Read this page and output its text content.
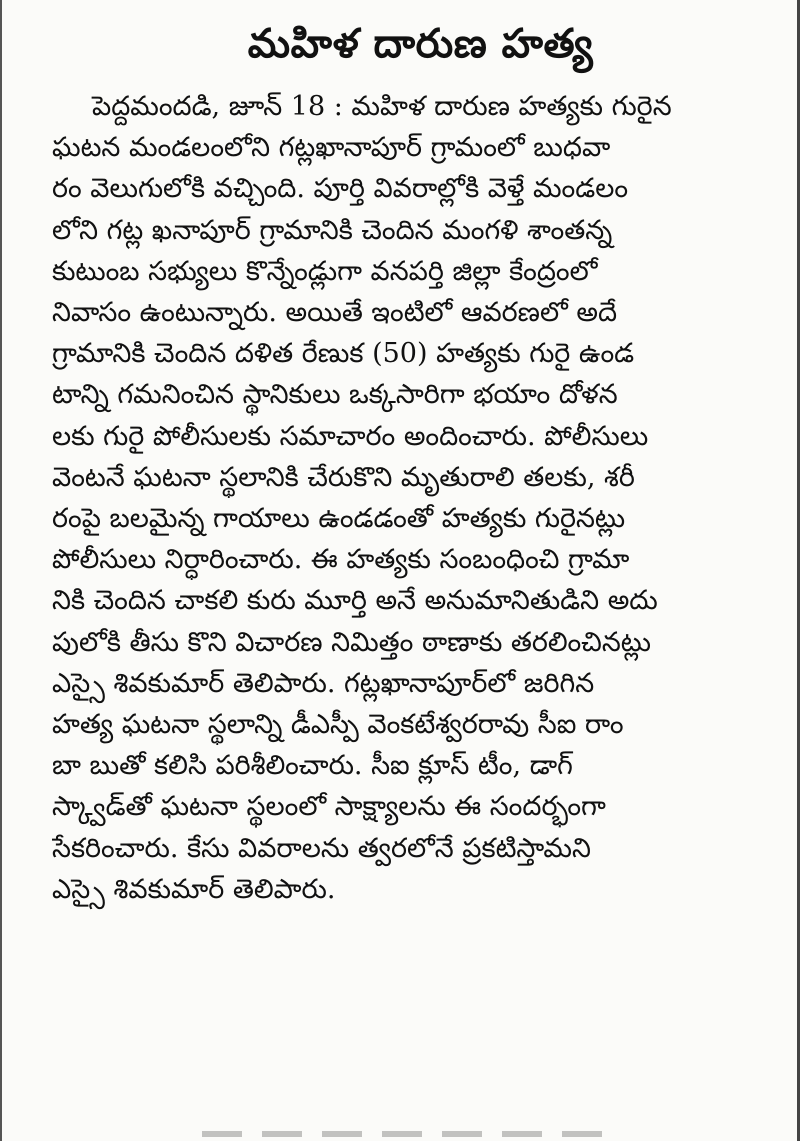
మహిళ దారుణ హత్య

పెద్దమందడి, జూన్ 18 : మహిళ దారుణ హత్యకు గురైన
ఘటన మండలంలోని గట్లఖానాపూర్ గ్రామంలో బుధవా
రం వెలుగులోకి వచ్చింది. పూర్తి వివరాల్లోకి వెళ్తే మండలం
లోని గట్ల ఖనాపూర్ గ్రామానికి చెందిన మంగళి శాంతన్న
కుటుంబ సభ్యులు కొన్నేండ్లుగా వనపర్తి జిల్లా కేంద్రంలో
నివాసం ఉంటున్నారు. అయితే ఇంటిలో ఆవరణలో అదే
గ్రామానికి చెందిన దళిత రేణుక (50) హత్యకు గురై ఉండ
టాన్ని గమనించిన స్థానికులు ఒక్కసారిగా భయాం దోళన
లకు గురై పోలీసులకు సమాచారం అందించారు. పోలీసులు
వెంటనే ఘటనా స్థలానికి చేరుకొని మృతురాలి తలకు, శరీ
రంపై బలమైన్న గాయాలు ఉండడంతో హత్యకు గురైనట్లు
పోలీసులు నిర్ధారించారు. ఈ హత్యకు సంబంధించి గ్రామా
నికి చెందిన చాకలి కురు మూర్తి అనే అనుమానితుడిని అదు
పులోకి తీసు కొని విచారణ నిమిత్తం ఠాణాకు తరలించినట్లు
ఎస్సై శివకుమార్ తెలిపారు. గట్లఖానాపూర్‌లో జరిగిన
హత్య ఘటనా స్థలాన్ని డీఎస్పీ వెంకటేశ్వరరావు సీఐ రాం
బా బుతో కలిసి పరిశీలించారు. సీఐ క్లూస్ టీం, డాగ్
స్క్వాడ్‌తో ఘటనా స్థలంలో సాక్ష్యాలను ఈ సందర్భంగా
సేకరించారు. కేసు వివరాలను త్వరలోనే ప్రకటిస్తామని
ఎస్సై శివకుమార్ తెలిపారు.
